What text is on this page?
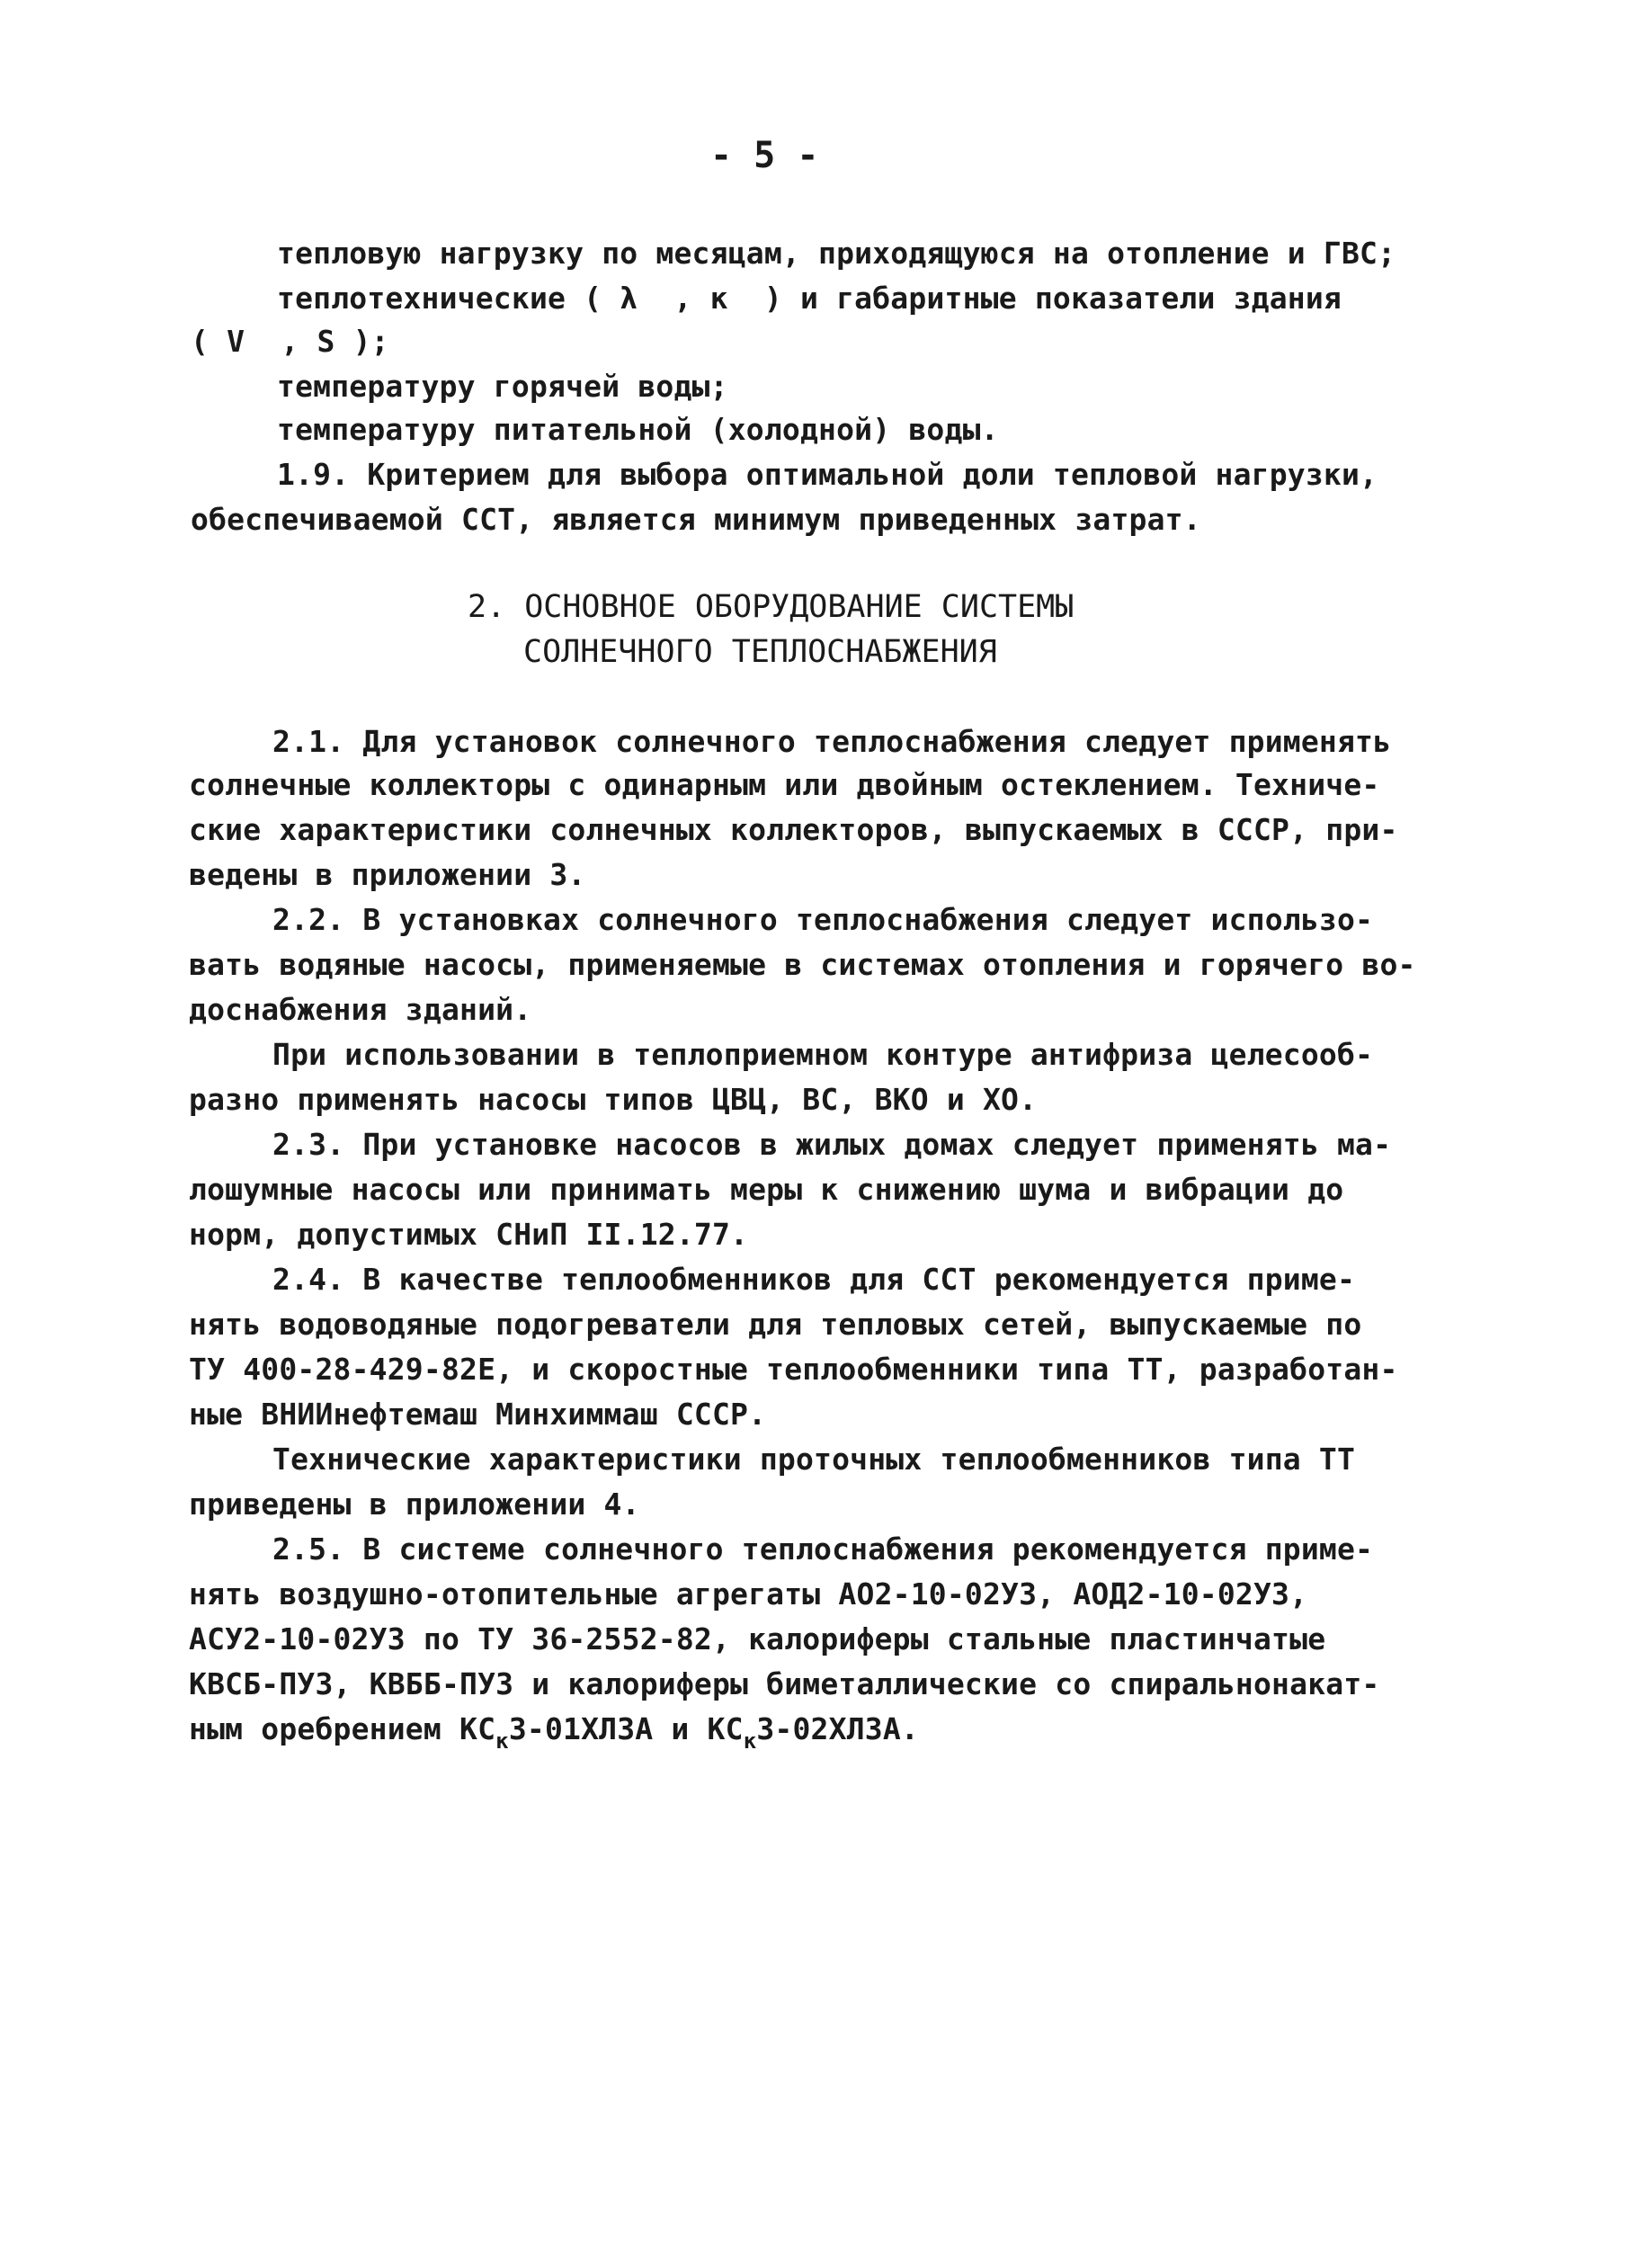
- 5 -
тепловую нагрузку по месяцам, приходящуюся на отопление и ГВС;
теплотехнические ( λ  , к  ) и габаритные показатели здания
( V  , S );
температуру горячей воды;
температуру питательной (холодной) воды.
1.9. Критерием для выбора оптимальной доли тепловой нагрузки,
обеспечиваемой ССТ, является минимум приведенных затрат.
2. ОСНОВНОЕ ОБОРУДОВАНИЕ СИСТЕМЫ
СОЛНЕЧНОГО ТЕПЛОСНАБЖЕНИЯ
2.1. Для установок солнечного теплоснабжения следует применять
солнечные коллекторы с одинарным или двойным остеклением. Техниче-
ские характеристики солнечных коллекторов, выпускаемых в СССР, при-
ведены в приложении 3.
2.2. В установках солнечного теплоснабжения следует использо-
вать водяные насосы, применяемые в системах отопления и горячего во-
доснабжения зданий.
При использовании в теплоприемном контуре антифриза целесооб-
разно применять насосы типов ЦВЦ, ВС, ВКО и ХО.
2.3. При установке насосов в жилых домах следует применять ма-
лошумные насосы или принимать меры к снижению шума и вибрации до
норм, допустимых СНиП II.12.77.
2.4. В качестве теплообменников для ССТ рекомендуется приме-
нять водоводяные подогреватели для тепловых сетей, выпускаемые по
ТУ 400-28-429-82Е, и скоростные теплообменники типа ТТ, разработан-
ные ВНИИнефтемаш Минхиммаш СССР.
Технические характеристики проточных теплообменников типа ТТ
приведены в приложении 4.
2.5. В системе солнечного теплоснабжения рекомендуется приме-
нять воздушно-отопительные агрегаты АО2-10-02УЗ, АОД2-10-02УЗ,
АСУ2-10-02УЗ по ТУ 36-2552-82, калориферы стальные пластинчатые
КВСБ-ПУЗ, КВББ-ПУЗ и калориферы биметаллические со спиральнонакат-
ным оребрением $КС_к3-01ХЛЗА$ и $КС_к3-02ХЛЗА$.
